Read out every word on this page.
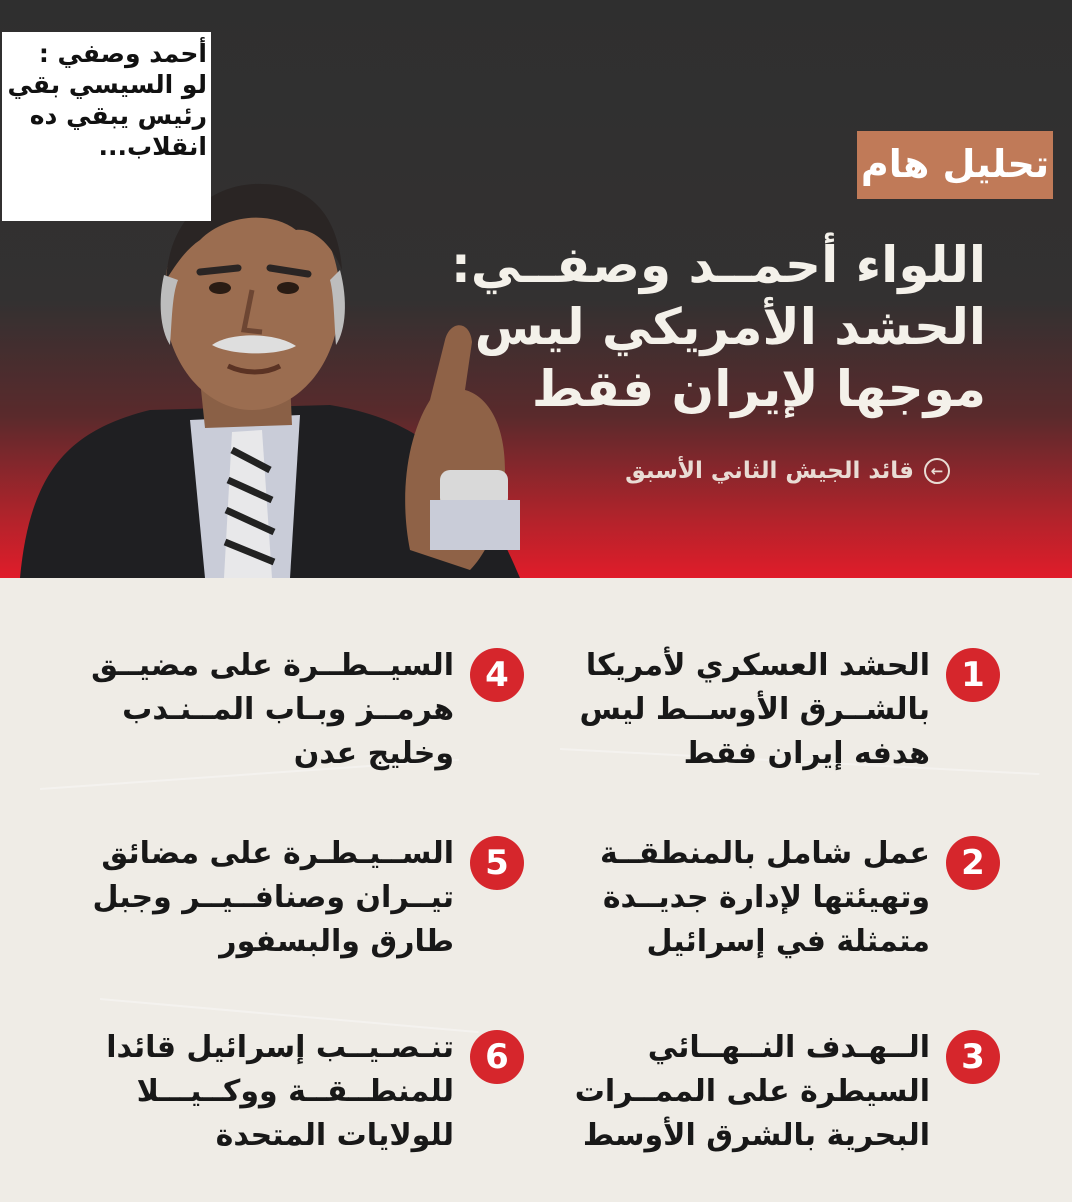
أحمد وصفي :

لو السيسي بقي

رئيس يبقي ده

انقلاب...	تحليل هام
اللواء أحمــد وصفــي:
الحشد الأمريكي ليس
موجها لإيران فقط
←
قائد الجيش الثاني الأسبق
1
الحشد العسكري لأمريكا
بالشــرق الأوســط ليس
هدفه إيران فقط
2
عمل شامل بالمنطقــة
وتهيئتها لإدارة جديــدة
متمثلة في إسرائيل
3
الــهـدف النــهــائي
السيطرة على الممــرات
البحرية بالشرق الأوسط
4
السيــطــرة على مضيــق
هرمــز وبـاب المــنـدب
وخليج عدن
5
الســيـطـرة على مضائق
تيــران وصنافــيــر وجبل
طارق والبسفور
6
تنـصـيــب إسرائيل قائدا
للمنطــقــة ووكــيـــلا
للولايات المتحدة
